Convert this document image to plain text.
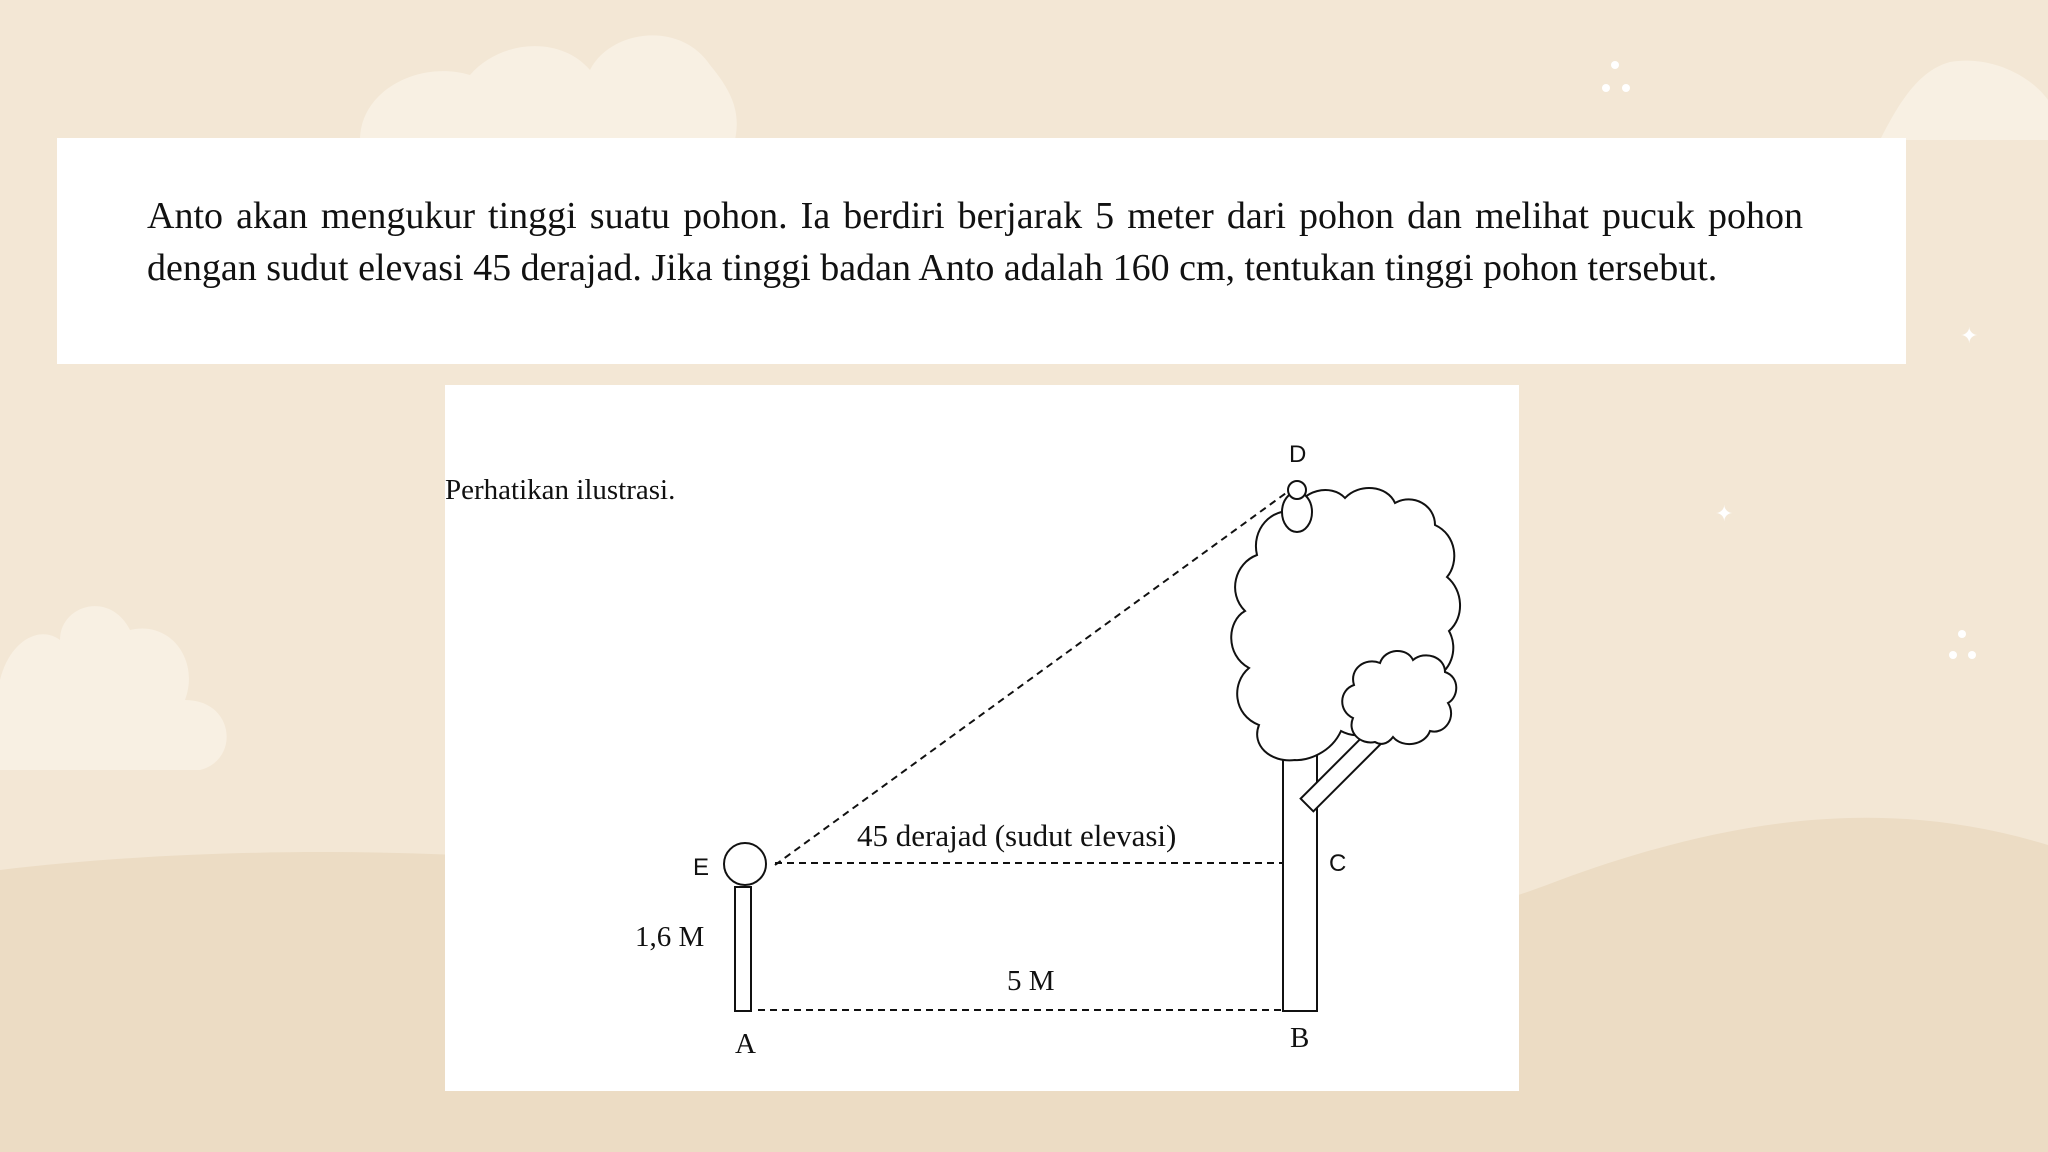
✦
✦

Anto akan mengukur tinggi suatu pohon. Ia berdiri berjarak 5 meter dari pohon dan melihat pucuk pohon dengan sudut elevasi 45 derajad. Jika tinggi badan Anto adalah 160 cm, tentukan tinggi pohon tersebut.

Perhatikan ilustrasi.
D
E	C
A	B
1,6 M
5 M
45 derajad (sudut elevasi)
